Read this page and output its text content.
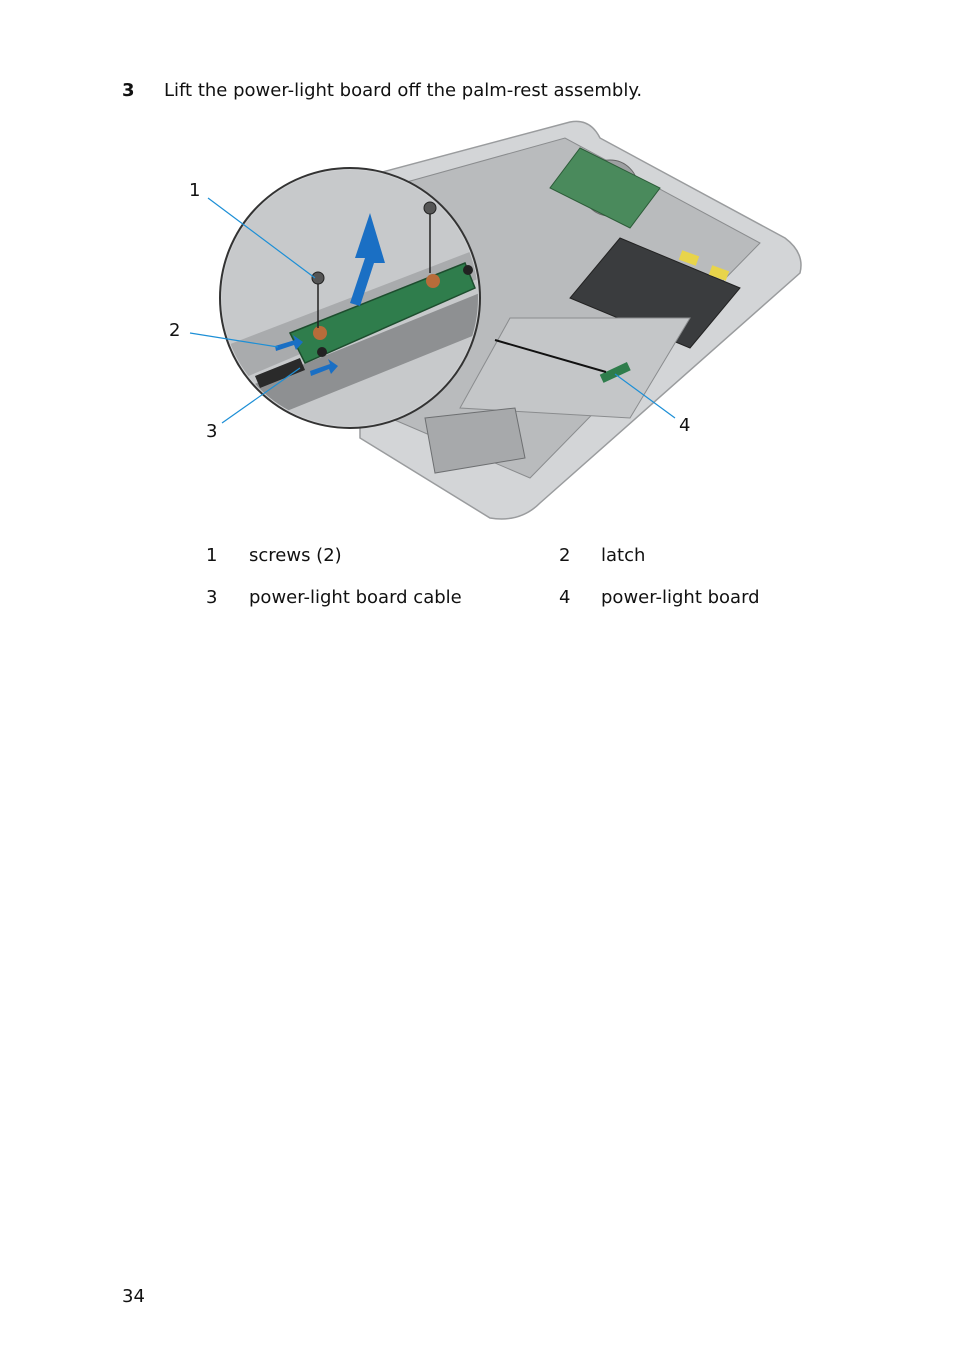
3 Lift the power-light board off the palm-rest assembly.
1
2
3	4
1 screws (2)	2 latch
3 power-light board cable	4 power-light board
34
